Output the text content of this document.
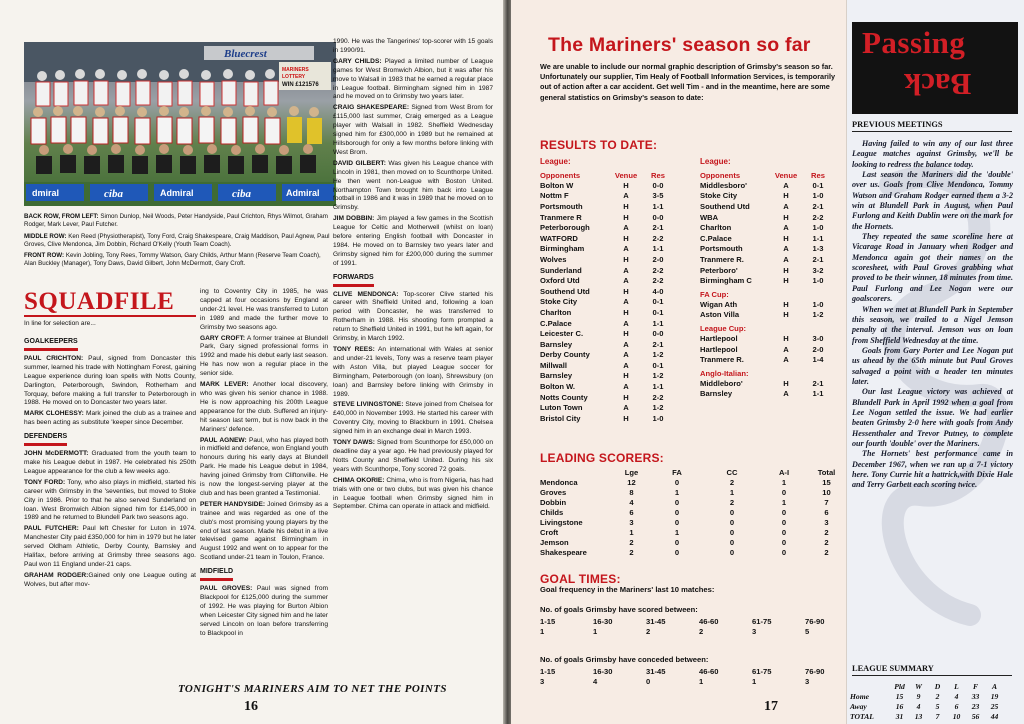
Bluecrest
MARINERS
LOTTERY
WIN £121576
dmiral	ciba	Admiral	ciba	Admiral

BACK ROW, FROM LEFT: Simon Dunlop, Neil Woods, Peter Handyside, Paul Crichton, Rhys Wilmot, Graham Rodger, Mark Lever, Paul Futcher.

MIDDLE ROW: Ken Reed (Physiotherapist), Tony Ford, Craig Shakespeare, Craig Maddison, Paul Agnew, Paul Groves, Clive Mendonca, Jim Dobbin, Richard O'Kelly (Youth Team Coach).

FRONT ROW: Kevin Jobling, Tony Rees, Tommy Watson, Gary Childs, Arthur Mann (Reserve Team Coach), Alan Buckley (Manager), Tony Daws, David Gilbert, John McDermott, Gary Croft.

SQUADFILE
In line for selection are...
GOALKEEPERS

PAUL CRICHTON: Paul, signed from Doncaster this summer, learned his trade with Nottingham Forest, gaining League experience during loan spells with Notts County, Darlington, Peterborough, Swindon, Rotherham and Torquay, before making a full transfer to Peterborough in 1988. He moved on to Doncaster two years later.

MARK CLOHESSY: Mark joined the club as a trainee and has been acting as substitute 'keeper since December.

DEFENDERS

JOHN McDERMOTT: Graduated from the youth team to make his League debut in 1987. He celebrated his 250th League appearance for the club a few weeks ago.

TONY FORD: Tony, who also plays in midfield, started his career with Grimsby in the 'seventies, but moved to Stoke City in 1986. Prior to that he also served Sunderland on loan. West Bromwich Albion signed him for £145,000 in 1989 and he returned to Blundell Park two seasons ago.

PAUL FUTCHER: Paul left Chester for Luton in 1974. Manchester City paid £350,000 for him in 1979 but he later served Oldham Athletic, Derby County, Barnsley and Halifax, before arriving at Grimsby three seasons ago. Paul won 11 England under-21 caps.

GRAHAM RODGER:Gained only one League outing at Wolves, but after mov-

ing to Coventry City in 1985, he was capped at four occasions by England at under-21 level. He was transferred to Luton in 1989 and made the further move to Grimsby two seasons ago.

GARY CROFT: A former trainee at Blundell Park, Gary signed professional forms in 1992 and made his debut early last season. He has now won a regular place in the senior side.

MARK LEVER: Another local discovery, who was given his senior chance in 1988. He is now approaching his 200th League appearance for the club. Suffered an injury-hit season last term, but is now back in the Mariners' defence.

PAUL AGNEW: Paul, who has played both in midfield and defence, won England youth honours during his early days at Blundell Park. He made his League debut in 1984, having joined Grimsby from Cliftonville. He is now the longest-serving player at the club and has been granted a Testimonial.

PETER HANDYSIDE: Joined Grimsby as a trainee and was regarded as one of the club's most promising young players by the end of last season. Made his debut in a live televised game against Birmingham in August 1992 and went on to appear for the Scotland under-21 team in Toulon, France.

MIDFIELD

PAUL GROVES: Paul was signed from Blackpool for £125,000 during the summer of 1992. He was playing for Burton Albion when Leicester City signed him and he later served Lincoln on loan before transferring to Blackpool in

1990. He was the Tangerines' top-scorer with 15 goals in 1990/91.

GARY CHILDS: Played a limited number of League games for West Bromwich Albion, but it was after his move to Walsall in 1983 that he earned a regular place in League football. Birmingham signed him in 1987 and he moved on to Grimsby two years later.

CRAIG SHAKESPEARE: Signed from West Brom for £115,000 last summer, Craig emerged as a League player with Walsall in 1982. Sheffield Wednesday signed him for £300,000 in 1989 but he remained at Hillsborough for only a few months before linking with West Brom.

DAVID GILBERT: Was given his League chance with Lincoln in 1981, then moved on to Scunthorpe United. He then went non-League with Boston United. Northampton Town brought him back into League football in 1986 and it was in 1989 that he moved on to Grimsby.

JIM DOBBIN: Jim played a few games in the Scottish League for Celtic and Motherwell (whilst on loan) before entering English football with Doncaster in 1984. He moved on to Barnsley two years later and Grimsby signed him for £200,000 during the summer of 1991.

FORWARDS

CLIVE MENDONCA: Top-scorer Clive started his career with Sheffield United and, following a loan period with Doncaster, he was transferred to Rotherham in 1988. His shooting form prompted a return to Sheffield United in 1991, but he left again, for Grimsby, in March 1992.

TONY REES: An international with Wales at senior and under-21 levels, Tony was a reserve team player with Aston Villa, but played League soccer for Birmingham, Peterborough (on loan), Shrewsbury (on loan) and Barnsley before linking with Grimsby in 1989.

STEVE LIVINGSTONE: Steve joined from Chelsea for £40,000 in November 1993. He started his career with Coventry City, moving to Blackburn in 1991. Chelsea signed him in an exchange deal in March 1993.

TONY DAWS: Signed from Scunthorpe for £50,000 on deadline day a year ago. He had previously played for Notts County and Sheffield United. During his six years with Scunthorpe, Tony scored 72 goals.

CHIMA OKORIE: Chima, who is from Nigeria, has had trials with one or two clubs, but was given his chance in League football when Grimsby signed him in September. Chima can operate in attack and midfield.

TONIGHT'S MARINERS AIM TO NET THE POINTS
16
The Mariners' season so far
We are unable to include our normal graphic description of Grimsby's season so far. Unfortunately our supplier, Tim Healy of Football Information Services, is temporarily out of action after a car accident. Get well Tim - and in the meantime, here are some general statistics on Grimsby's season to date:
RESULTS TO DATE:
League:
Opponents	Venue	Res
Bolton W	H	0-0
Nottm F	A	3-5
Portsmouth	H	1-1
Tranmere R	H	0-0
Peterborough	A	2-1
WATFORD	H	2-2
Birmingham	A	1-1
Wolves	H	2-0
Sunderland	A	2-2
Oxford Utd	A	2-2
Southend Utd	H	4-0
Stoke City	A	0-1
Charlton	H	0-1
C.Palace	A	1-1
Leicester C.	H	0-0
Barnsley	A	2-1
Derby County	A	1-2
Millwall	A	0-1
Barnsley	H	1-2
Bolton W.	A	1-1
Notts County	H	2-2
Luton Town	A	1-2
Bristol City	H	1-0
League:
Opponents	Venue	Res
Middlesboro'	A	0-1
Stoke City	H	1-0
Southend Utd	A	2-1
WBA	H	2-2
Charlton	A	1-0
C.Palace	H	1-1
Portsmouth	A	1-3
Tranmere R.	A	2-1
Peterboro'	H	3-2
Birmingham C	H	1-0
FA Cup:		
Wigan Ath	H	1-0
Aston Villa	H	1-2
League Cup:		
Hartlepool	H	3-0
Hartlepool	A	2-0
Tranmere R.	A	1-4
Anglo-Italian:		
Middleboro'	H	2-1
Barnsley	A	1-1
LEADING SCORERS:
	Lge	FA	CC	A-I	Total
Mendonca	12	0	2	1	15
Groves	8	1	1	0	10
Dobbin	4	0	2	1	7
Childs	6	0	0	0	6
Livingstone	3	0	0	0	3
Croft	1	1	0	0	2
Jemson	2	0	0	0	2
Shakespeare	2	0	0	0	2
GOAL TIMES:
Goal frequency in the Mariners' last 10 matches:
No. of goals Grimsby have scored between:
1-15	16-30	31-45	46-60	61-75	76-90
1	1	2	2	3	5
No. of goals Grimsby have conceded between:
1-15	16-30	31-45	46-60	61-75	76-90
3	4	0	1	1	3
17
Passing
Back
PREVIOUS MEETINGS

Having failed to win any of our last three League matches against Grimsby, we'll be looking to redress the balance today.

Last season the Mariners did the 'double' over us. Goals from Clive Mendonca, Tommy Watson and Graham Rodger earned them a 3-2 win at Blundell Park in August, when Paul Furlong and Keith Dublin were on the mark for the Hornets.

They repeated the same scoreline here at Vicarage Road in January when Rodger and Mendonca again got their names on the scoresheet, with Paul Groves grabbing what proved to be their winner, 18 minutes from time. Paul Furlong and Lee Nogan were our goalscorers.

When we met at Blundell Park in September this season, we trailed to a Nigel Jemson penalty at the interval. Jemson was on loan from Sheffield Wednesday at the time.

Goals from Gary Porter and Lee Nogan put us ahead by the 65th minute but Paul Groves salvaged a point with a header ten minutes later.

Our last League victory was achieved at Blundell Park in April 1992 when a goal from Lee Nogan settled the issue. We had earlier beaten Grimsby 2-0 here with goals from Andy Hessenthaler and Trevor Putney, to complete our fourth 'double' over the Mariners.

The Hornets' best performance came in December 1967, when we ran up a 7-1 victory here. Tony Currie hit a hattrick,with Dixie Hale and Terry Garbett each scoring twice.

LEAGUE SUMMARY
	Pld	W	D	L	F	A
Home	15	9	2	4	33	19
Away	16	4	5	6	23	25
TOTAL	31	13	7	10	56	44
